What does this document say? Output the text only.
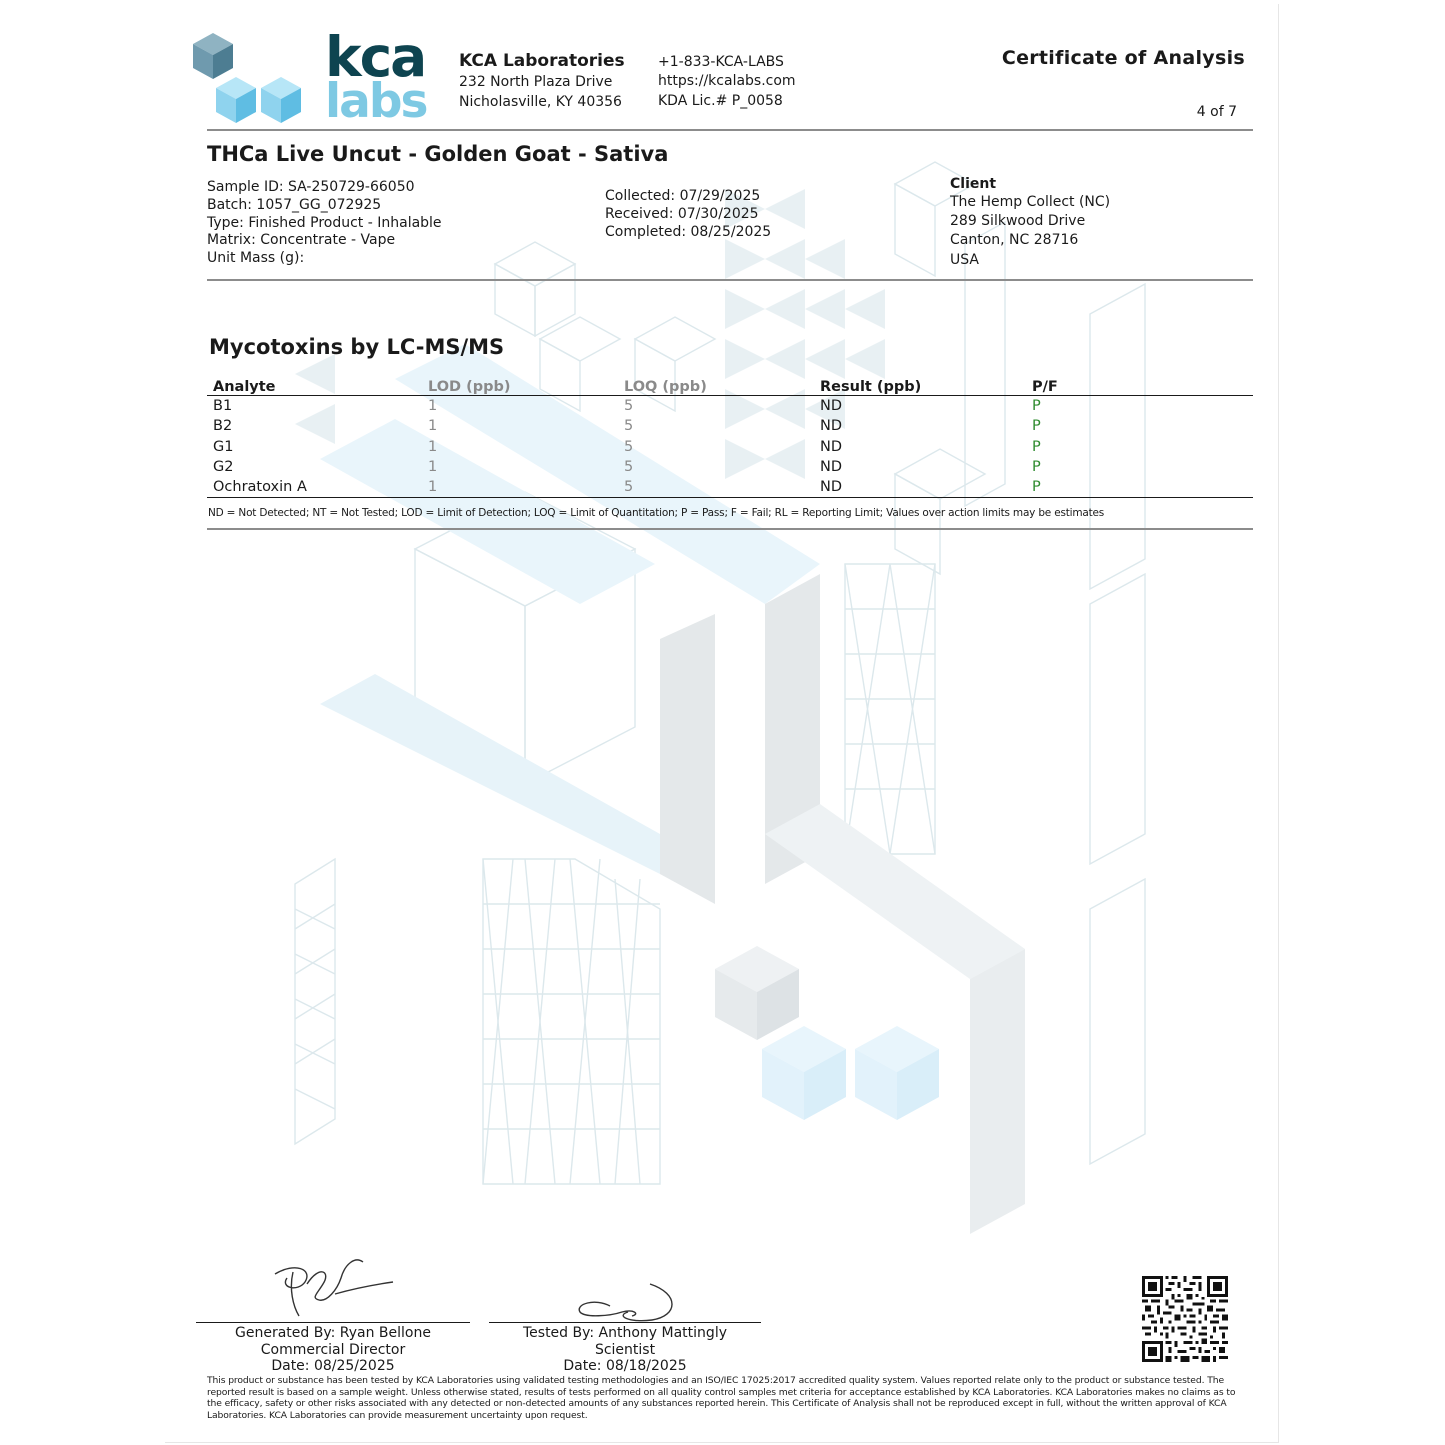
kca
labs
KCA Laboratories
232 North Plaza Drive
Nicholasville, KY 40356
+1-833-KCA-LABS
https://kcalabs.com
KDA Lic.# P_0058
Certificate of Analysis
4 of 7
THCa Live Uncut - Golden Goat - Sativa
Sample ID: SA-250729-66050
Batch: 1057_GG_072925
Type: Finished Product - Inhalable
Matrix: Concentrate - Vape
Unit Mass (g):
Collected: 07/29/2025
Received: 07/30/2025
Completed: 08/25/2025
Client
The Hemp Collect (NC)
289 Silkwood Drive
Canton, NC 28716
USA
Mycotoxins by LC-MS/MS
Analyte	LOD (ppb)	LOQ (ppb)	Result (ppb)	P/F
B1	1	5	ND	P
B2	1	5	ND	P
G1	1	5	ND	P
G2	1	5	ND	P
Ochratoxin A	1	5	ND	P
ND = Not Detected; NT = Not Tested; LOD = Limit of Detection; LOQ = Limit of Quantitation; P = Pass; F = Fail; RL = Reporting Limit; Values over action limits may be estimates
Generated By: Ryan Bellone
Commercial Director
Date: 08/25/2025
Tested By: Anthony Mattingly
Scientist
Date: 08/18/2025
This product or substance has been tested by KCA Laboratories using validated testing methodologies and an ISO/IEC 17025:2017 accredited quality system. Values reported relate only to the product or substance tested. The reported result is based on a sample weight. Unless otherwise stated, results of tests performed on all quality control samples met criteria for acceptance established by KCA Laboratories. KCA Laboratories makes no claims as to the efficacy, safety or other risks associated with any detected or non-detected amounts of any substances reported herein. This Certificate of Analysis shall not be reproduced except in full, without the written approval of KCA Laboratories. KCA Laboratories can provide measurement uncertainty upon request.
